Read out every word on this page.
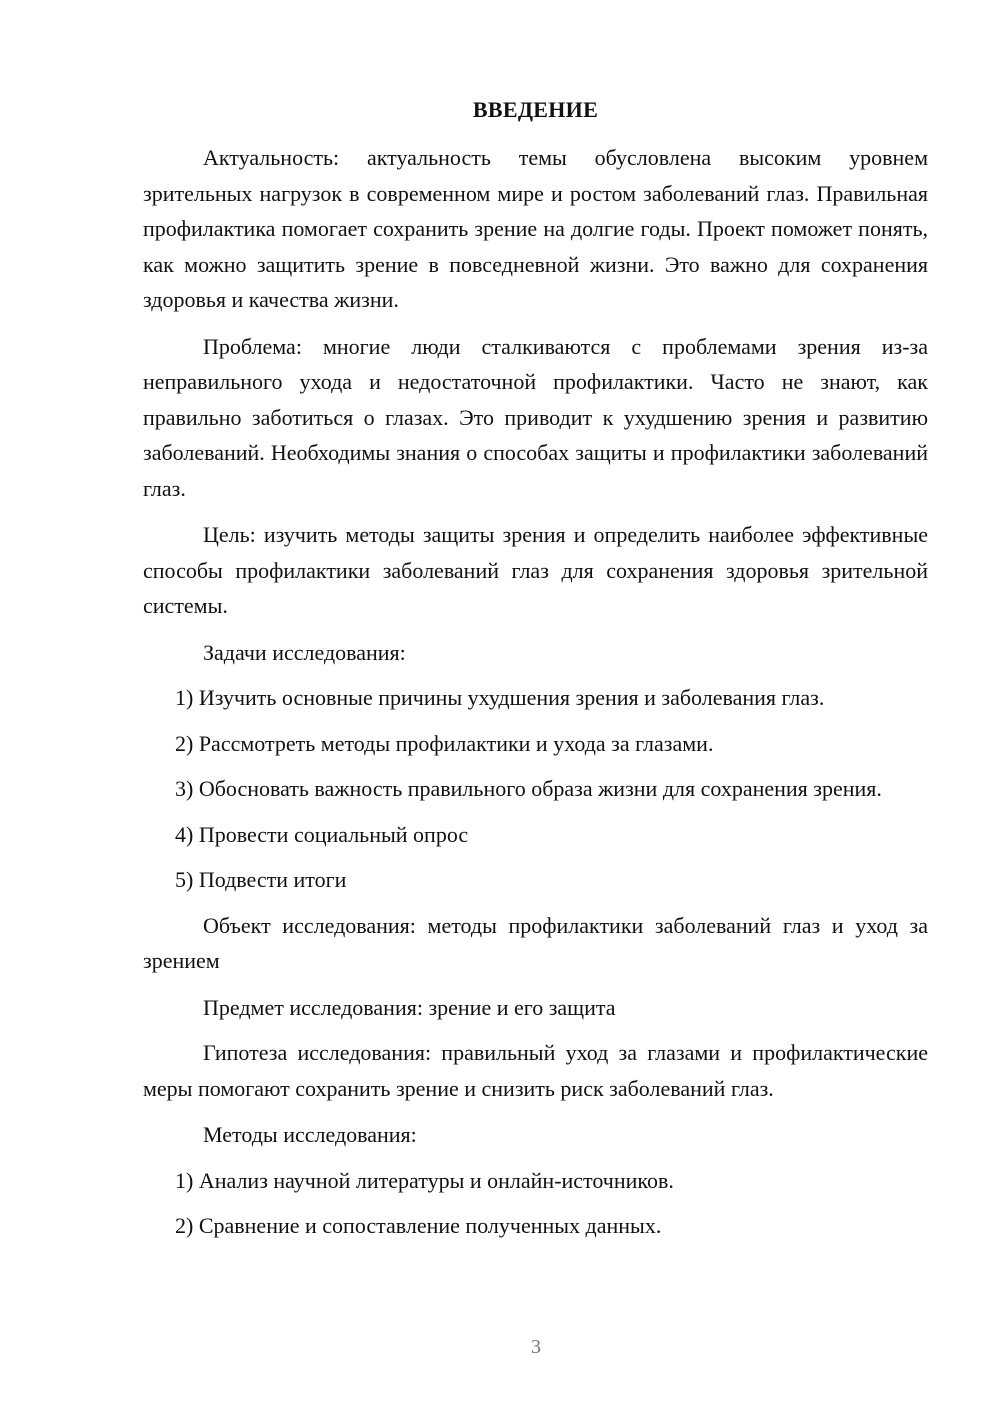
ВВЕДЕНИЕ

Актуальность: актуальность темы обусловлена высоким уровнем зрительных нагрузок в современном мире и ростом заболеваний глаз. Правильная профилактика помогает сохранить зрение на долгие годы. Проект поможет понять, как можно защитить зрение в повседневной жизни. Это важно для сохранения здоровья и качества жизни.

Проблема: многие люди сталкиваются с проблемами зрения из-за неправильного ухода и недостаточной профилактики. Часто не знают, как правильно заботиться о глазах. Это приводит к ухудшению зрения и развитию заболеваний. Необходимы знания о способах защиты и профилактики заболеваний глаз.

Цель: изучить методы защиты зрения и определить наиболее эффективные способы профилактики заболеваний глаз для сохранения здоровья зрительной системы.

Задачи исследования:

1) Изучить основные причины ухудшения зрения и заболевания глаз.

2) Рассмотреть методы профилактики и ухода за глазами.

3) Обосновать важность правильного образа жизни для сохранения зрения.

4) Провести социальный опрос

5) Подвести итоги

Объект исследования: методы профилактики заболеваний глаз и уход за зрением

Предмет исследования: зрение и его защита

Гипотеза исследования: правильный уход за глазами и профилактические меры помогают сохранить зрение и снизить риск заболеваний глаз.

Методы исследования:

1) Анализ научной литературы и онлайн-источников.

2) Сравнение и сопоставление полученных данных.

3
